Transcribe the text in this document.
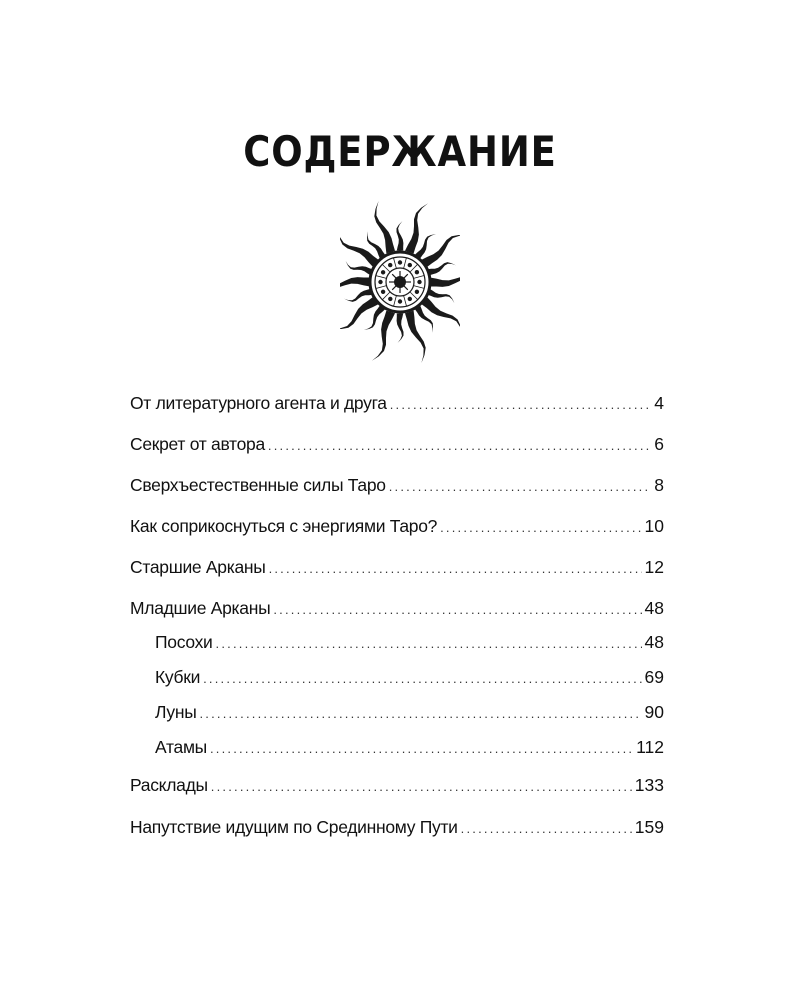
СОДЕРЖАНИЕ
От литературного агента и друга .....	4
Секрет от автора .....	6
Сверхъестественные силы Таро .....	8
Как соприкоснуться с энергиями Таро? .....	10
Старшие Арканы .....	12
Младшие Арканы .....	48
Посохи .....	48
Кубки .....	69
Луны .....	90
Атамы .....	112
Расклады .....	133
Напутствие идущим по Срединному Пути .....	159
